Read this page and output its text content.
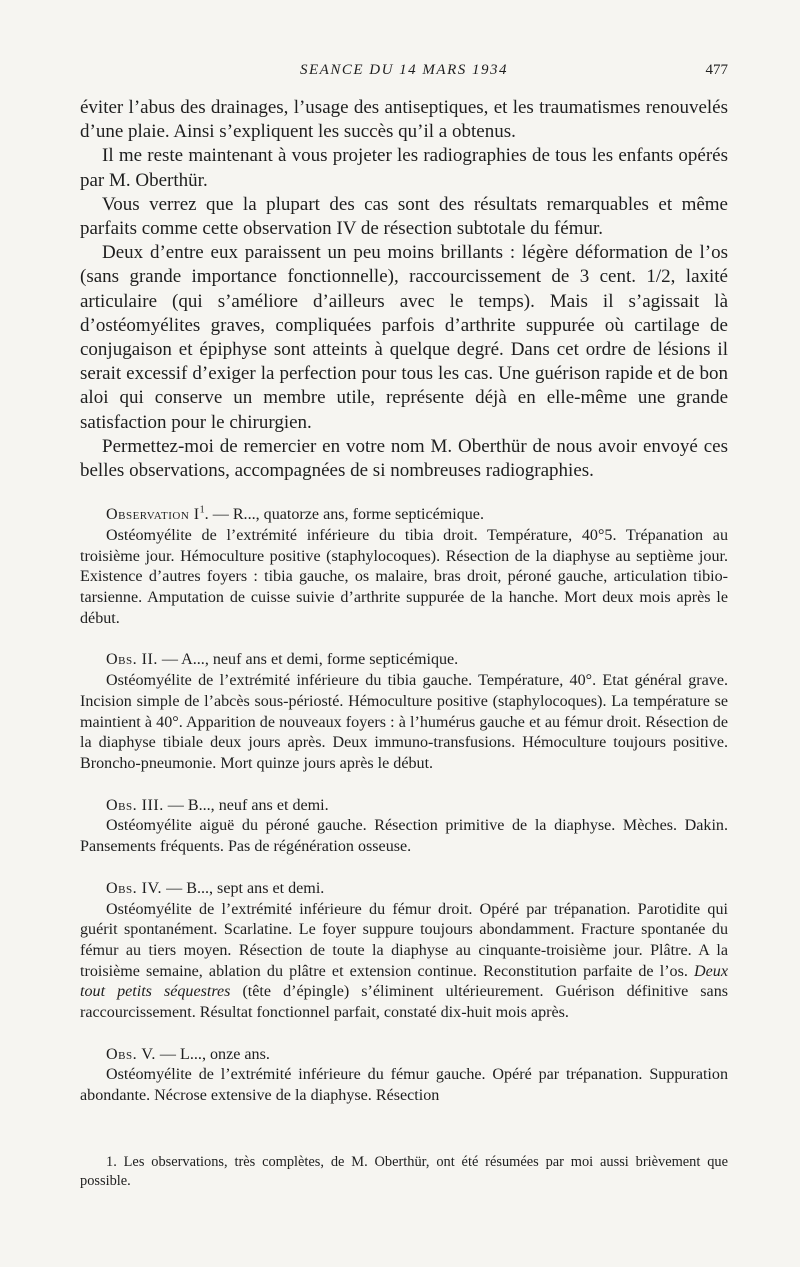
SEANCE DU 14 MARS 1934	477

éviter l’abus des drainages, l’usage des antiseptiques, et les traumatismes renouvelés d’une plaie. Ainsi s’expliquent les succès qu’il a obtenus.

Il me reste maintenant à vous projeter les radiographies de tous les enfants opérés par M. Oberthür.

Vous verrez que la plupart des cas sont des résultats remarquables et même parfaits comme cette observation IV de résection subtotale du fémur.

Deux d’entre eux paraissent un peu moins brillants : légère déformation de l’os (sans grande importance fonctionnelle), raccourcissement de 3 cent. 1/2, laxité articulaire (qui s’améliore d’ailleurs avec le temps). Mais il s’agissait là d’ostéomyélites graves, compliquées parfois d’arthrite suppurée où cartilage de conjugaison et épiphyse sont atteints à quelque degré. Dans cet ordre de lésions il serait excessif d’exiger la perfection pour tous les cas. Une guérison rapide et de bon aloi qui conserve un membre utile, représente déjà en elle-même une grande satisfaction pour le chirurgien.

Permettez-moi de remercier en votre nom M. Oberthür de nous avoir envoyé ces belles observations, accompagnées de si nombreuses radiographies.

Observation $I^1$. — R..., quatorze ans, forme septicémique.

Ostéomyélite de l’extrémité inférieure du tibia droit. Température, 40°5. Trépanation au troisième jour. Hémoculture positive (staphylocoques). Résection de la diaphyse au septième jour. Existence d’autres foyers : tibia gauche, os malaire, bras droit, péroné gauche, articulation tibio-tarsienne. Amputation de cuisse suivie d’arthrite suppurée de la hanche. Mort deux mois après le début.

Obs. II. — A..., neuf ans et demi, forme septicémique.

Ostéomyélite de l’extrémité inférieure du tibia gauche. Température, 40°. Etat général grave. Incision simple de l’abcès sous-périosté. Hémoculture positive (staphylocoques). La température se maintient à 40°. Apparition de nouveaux foyers : à l’humérus gauche et au fémur droit. Résection de la diaphyse tibiale deux jours après. Deux immuno-transfusions. Hémoculture toujours positive. Broncho-pneumonie. Mort quinze jours après le début.

Obs. III. — B..., neuf ans et demi.

Ostéomyélite aiguë du péroné gauche. Résection primitive de la diaphyse. Mèches. Dakin. Pansements fréquents. Pas de régénération osseuse.

Obs. IV. — B..., sept ans et demi.

Ostéomyélite de l’extrémité inférieure du fémur droit. Opéré par trépanation. Parotidite qui guérit spontanément. Scarlatine. Le foyer suppure toujours abondamment. Fracture spontanée du fémur au tiers moyen. Résection de toute la diaphyse au cinquante-troisième jour. Plâtre. A la troisième semaine, ablation du plâtre et extension continue. Reconstitution parfaite de l’os. Deux tout petits séquestres (tête d’épingle) s’éliminent ultérieurement. Guérison définitive sans raccourcissement. Résultat fonctionnel parfait, constaté dix-huit mois après.

Obs. V. — L..., onze ans.

Ostéomyélite de l’extrémité inférieure du fémur gauche. Opéré par trépanation. Suppuration abondante. Nécrose extensive de la diaphyse. Résection

1. Les observations, très complètes, de M. Oberthür, ont été résumées par moi aussi brièvement que possible.
